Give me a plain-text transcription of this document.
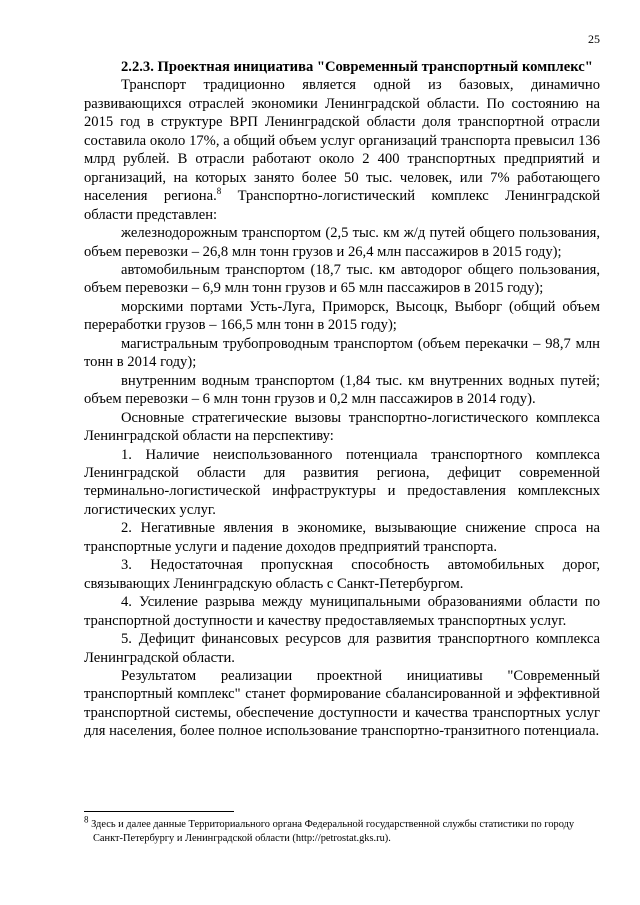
25

2.2.3. Проектная инициатива "Современный транспортный комплекс"

Транспорт традиционно является одной из базовых, динамично развивающихся отраслей экономики Ленинградской области. По состоянию на 2015 год в структуре ВРП Ленинградской области доля транспортной отрасли составила около 17%, а общий объем услуг организаций транспорта превысил 136 млрд рублей. В отрасли работают около 2 400 транспортных предприятий и организаций, на которых занято более 50 тыс. человек, или 7% работающего населения региона.$^8$ Транспортно-логистический комплекс Ленинградской области представлен:

железнодорожным транспортом (2,5 тыс. км ж/д путей общего пользования, объем перевозки – 26,8 млн тонн грузов и 26,4 млн пассажиров в 2015 году);

автомобильным транспортом (18,7 тыс. км автодорог общего пользования, объем перевозки – 6,9 млн тонн грузов и 65 млн пассажиров в 2015 году);

морскими портами Усть-Луга, Приморск, Высоцк, Выборг (общий объем переработки грузов – 166,5 млн тонн в 2015 году);

магистральным трубопроводным транспортом (объем перекачки – 98,7 млн тонн в 2014 году);

внутренним водным транспортом (1,84 тыс. км внутренних водных путей; объем перевозки – 6 млн тонн грузов и 0,2 млн пассажиров в 2014 году).

Основные стратегические вызовы транспортно-логистического комплекса Ленинградской области на перспективу:

1. Наличие неиспользованного потенциала транспортного комплекса Ленинградской области для развития региона, дефицит современной терминально-логистической инфраструктуры и предоставления комплексных логистических услуг.

2. Негативные явления в экономике, вызывающие снижение спроса на транспортные услуги и падение доходов предприятий транспорта.

3. Недостаточная пропускная способность автомобильных дорог, связывающих Ленинградскую область с Санкт-Петербургом.

4. Усиление разрыва между муниципальными образованиями области по транспортной доступности и качеству предоставляемых транспортных услуг.

5. Дефицит финансовых ресурсов для развития транспортного комплекса Ленинградской области.

Результатом реализации проектной инициативы "Современный транспортный комплекс" станет формирование сбалансированной и эффективной транспортной системы, обеспечение доступности и качества транспортных услуг для населения, более полное использование транспортно-транзитного потенциала.

$^8$ Здесь и далее данные Территориального органа Федеральной государственной службы статистики по городу
Санкт-Петербургу и Ленинградской области (http://petrostat.gks.ru).
